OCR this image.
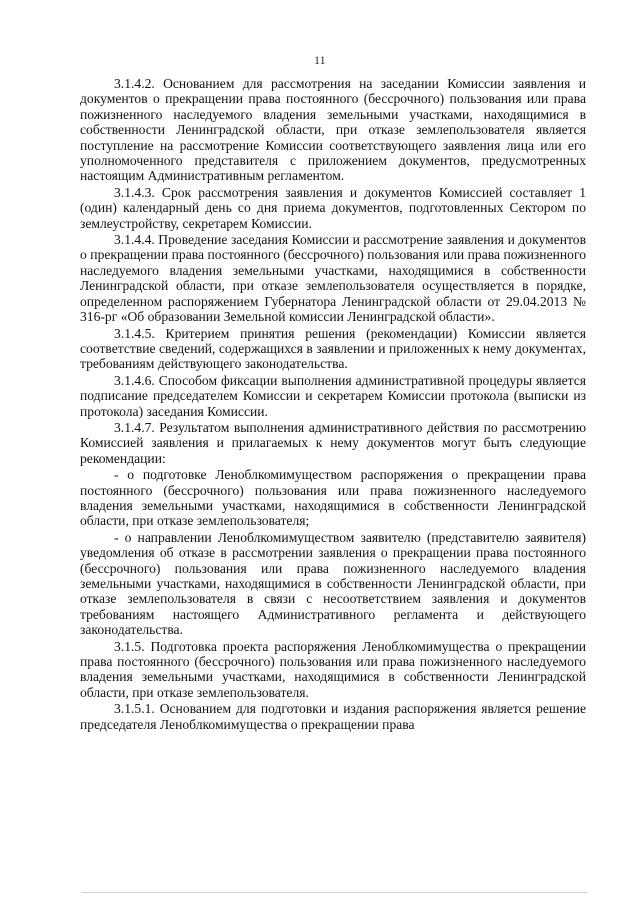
11

3.1.4.2. Основанием для рассмотрения на заседании Комиссии заявления и документов о прекращении права постоянного (бессрочного) пользования или права пожизненного наследуемого владения земельными участками, находящимися в собственности Ленинградской области, при отказе землепользователя является поступление на рассмотрение Комиссии соответствующего заявления лица или его уполномоченного представителя с приложением документов, предусмотренных настоящим Административным регламентом.

3.1.4.3. Срок рассмотрения заявления и документов Комиссией составляет 1 (один) календарный день со дня приема документов, подготовленных Сектором по землеустройству, секретарем Комиссии.

3.1.4.4. Проведение заседания Комиссии и рассмотрение заявления и документов о прекращении права постоянного (бессрочного) пользования или права пожизненного наследуемого владения земельными участками, находящимися в собственности Ленинградской области, при отказе землепользователя осуществляется в порядке, определенном распоряжением Губернатора Ленинградской области от 29.04.2013 № 316-рг «Об образовании Земельной комиссии Ленинградской области».

3.1.4.5. Критерием принятия решения (рекомендации) Комиссии является соответствие сведений, содержащихся в заявлении и приложенных к нему документах, требованиям действующего законодательства.

3.1.4.6. Способом фиксации выполнения административной процедуры является подписание председателем Комиссии и секретарем Комиссии протокола (выписки из протокола) заседания Комиссии.

3.1.4.7. Результатом выполнения административного действия по рассмотрению Комиссией заявления и прилагаемых к нему документов могут быть следующие рекомендации:

- о подготовке Леноблкомимуществом распоряжения о прекращении права постоянного (бессрочного) пользования или права пожизненного наследуемого владения земельными участками, находящимися в собственности Ленинградской области, при отказе землепользователя;

- о направлении Леноблкомимуществом заявителю (представителю заявителя) уведомления об отказе в рассмотрении заявления о прекращении права постоянного (бессрочного) пользования или права пожизненного наследуемого владения земельными участками, находящимися в собственности Ленинградской области, при отказе землепользователя в связи с несоответствием заявления и документов требованиям настоящего Административного регламента и действующего законодательства.

3.1.5. Подготовка проекта распоряжения Леноблкомимущества о прекращении права постоянного (бессрочного) пользования или права пожизненного наследуемого владения земельными участками, находящимися в собственности Ленинградской области, при отказе землепользователя.

3.1.5.1. Основанием для подготовки и издания распоряжения является решение председателя Леноблкомимущества о прекращении права
